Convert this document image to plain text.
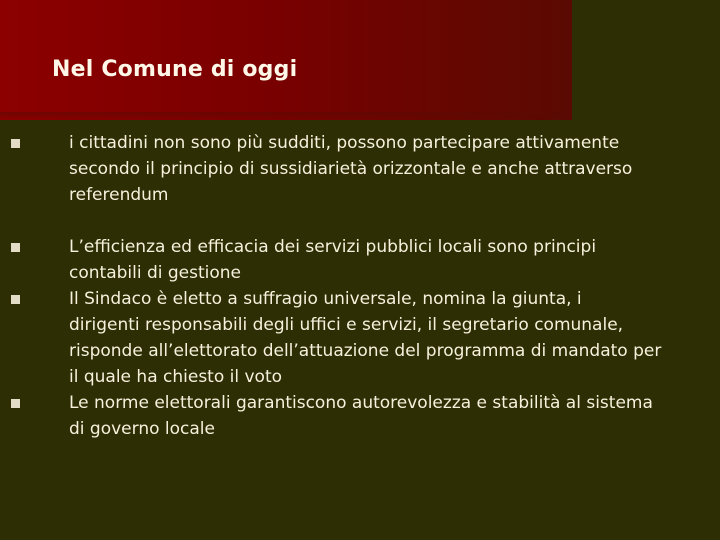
Nel Comune di oggi
i cittadini non sono più sudditi, possono partecipare attivamente
secondo il principio di sussidiarietà orizzontale e anche attraverso
referendum
L’efficienza ed efficacia dei servizi pubblici locali sono principi
contabili di gestione
Il Sindaco è eletto a suffragio universale, nomina la giunta, i
dirigenti responsabili degli uffici e servizi, il segretario comunale,
risponde all’elettorato dell’attuazione del programma di mandato per
il quale ha chiesto il voto
Le norme elettorali garantiscono autorevolezza e stabilità al sistema
di governo locale
